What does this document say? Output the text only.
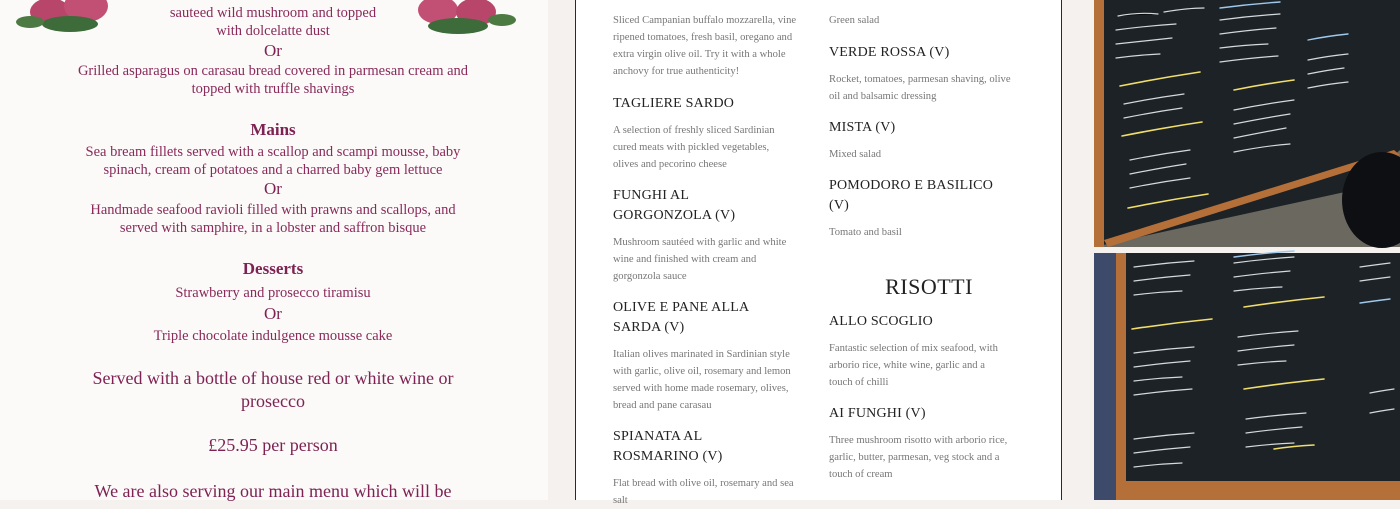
sauteed wild mushroom and topped
with dolcelatte dust
Or
Grilled asparagus on carasau bread covered in parmesan cream and
topped with truffle shavings
Mains
Sea bream fillets served with a scallop and scampi mousse, baby
spinach, cream of potatoes and a charred baby gem lettuce
Or
Handmade seafood ravioli filled with prawns and scallops, and
served with samphire, in a lobster and saffron bisque
Desserts
Strawberry and prosecco tiramisu
Or
Triple chocolate indulgence mousse cake
Served with a bottle of house red or white wine or
prosecco
£25.95 per person
We are also serving our main menu which will be
Sliced Campanian buffalo mozzarella, vine
ripened tomatoes, fresh basil, oregano and
extra virgin olive oil. Try it with a whole
anchovy for true authenticity!
TAGLIERE SARDO
A selection of freshly sliced Sardinian
cured meats with pickled vegetables,
olives and pecorino cheese
FUNGHI AL
GORGONZOLA (V)
Mushroom sautéed with garlic and white
wine and finished with cream and
gorgonzola sauce
OLIVE E PANE ALLA
SARDA (V)
Italian olives marinated in Sardinian style
with garlic, olive oil, rosemary and lemon
served with home made rosemary, olives,
bread and pane carasau
SPIANATA AL
ROSMARINO (V)
Flat bread with olive oil, rosemary and sea
salt
Green salad
VERDE ROSSA (V)
Rocket, tomatoes, parmesan shaving, olive
oil and balsamic dressing
MISTA (V)
Mixed salad
POMODORO E BASILICO
(V)
Tomato and basil
RISOTTI
ALLO SCOGLIO
Fantastic selection of mix seafood, with
arborio rice, white wine, garlic and a
touch of chilli
AI FUNGHI (V)
Three mushroom risotto with arborio rice,
garlic, butter, parmesan, veg stock and a
touch of cream
